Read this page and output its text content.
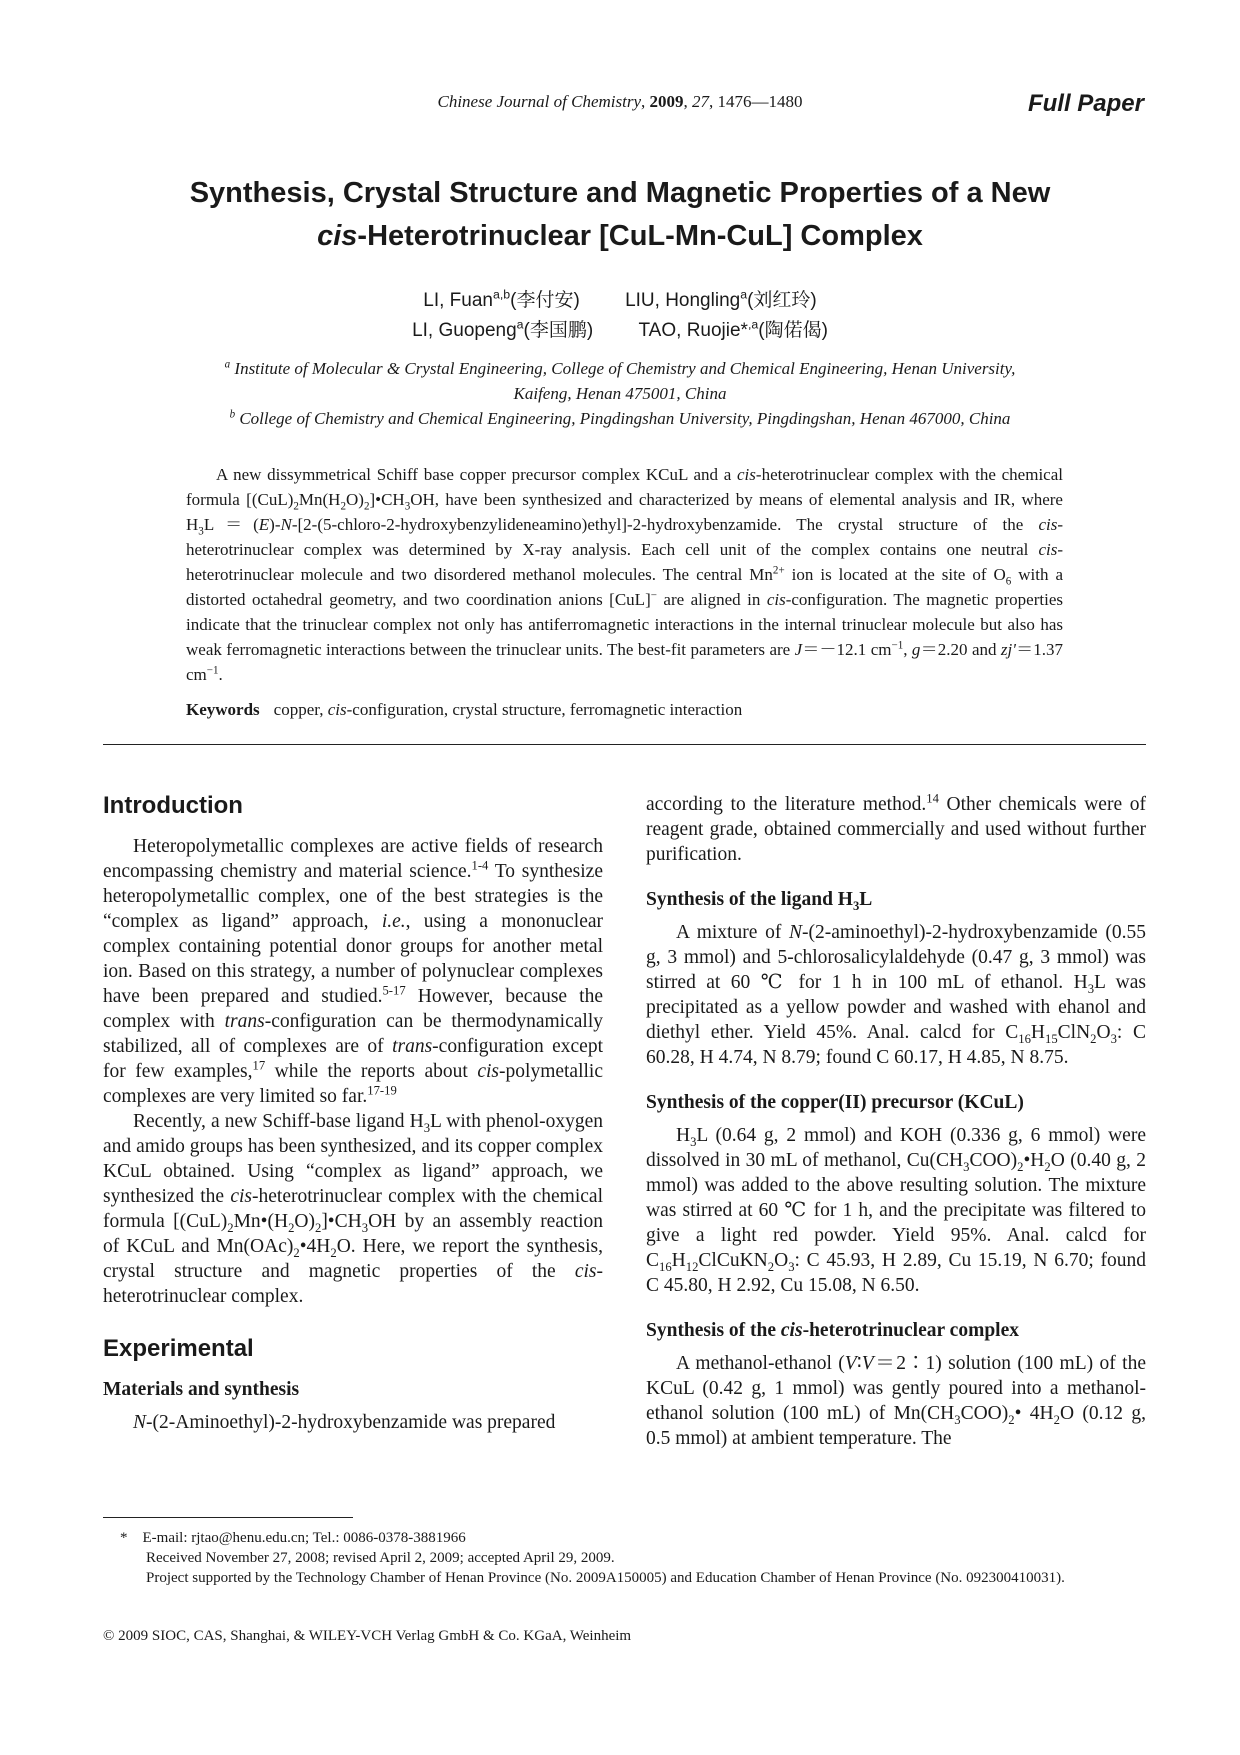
Chinese Journal of Chemistry, 2009, 27, 1476—1480	Full Paper
Synthesis, Crystal Structure and Magnetic Properties of a New
cis-Heterotrinuclear [CuL-Mn-CuL] Complex
LI, Fuan$^{a,b}$(李付安) LIU, Hongling$^a$(刘红玲)
LI, Guopeng$^a$(李国鹏) TAO, Ruojie*$^{,a}$(陶偌偈)
$^a$ Institute of Molecular & Crystal Engineering, College of Chemistry and Chemical Engineering, Henan University,
Kaifeng, Henan 475001, China
$^b$ College of Chemistry and Chemical Engineering, Pingdingshan University, Pingdingshan, Henan 467000, China

A new dissymmetrical Schiff base copper precursor complex KCuL and a cis-heterotrinuclear complex with the chemical formula $[(CuL)_2Mn(H_2O)_2]•CH_3OH$, have been synthesized and characterized by means of elemental analysis and IR, where $H_3L=(E)-N-[2-(5-chloro-2-hydroxybenzylideneamino)ethyl]-2$-hydroxybenzamide. The crystal structure of the cis-heterotrinuclear complex was determined by X-ray analysis. Each cell unit of the complex contains one neutral cis-heterotrinuclear molecule and two disordered methanol molecules. The central $Mn^{2+}$ ion is located at the site of $O_6$ with a distorted octahedral geometry, and two coordination anions [CuL]− are aligned in cis-configuration. The magnetic properties indicate that the trinuclear complex not only has antiferromagnetic interactions in the internal trinuclear molecule but also has weak ferromagnetic interactions between the trinuclear units. The best-fit parameters are J＝－12.1 $cm^{-1}$, g＝2.20 and zj'＝1.37 $cm^{-1}$.

Keywords copper, cis-configuration, crystal structure, ferromagnetic interaction
Introduction

Heteropolymetallic complexes are active fields of research encompassing chemistry and material science.$^{1-4}$ To synthesize heteropolymetallic complex, one of the best strategies is the “complex as ligand” approach, i.e., using a mononuclear complex containing potential donor groups for another metal ion. Based on this strategy, a number of polynuclear complexes have been prepared and studied.$^{5-17}$ However, because the complex with trans-configuration can be thermodynamically stabilized, all of complexes are of trans-configuration except for few examples,$^{17}$ while the reports about cis-polymetallic complexes are very limited so far.$^{17-19}$

Recently, a new Schiff-base ligand $H_3L$ with phenol-oxygen and amido groups has been synthesized, and its copper complex KCuL obtained. Using “complex as ligand” approach, we synthesized the cis-heterotrinuclear complex with the chemical formula $[(CuL)_2Mn•(H_2O)_2]•CH_3OH$ by an assembly reaction of KCuL and $Mn(OAc)_2•4H_2O$. Here, we report the synthesis, crystal structure and magnetic properties of the cis-heterotrinuclear complex.

Experimental
Materials and synthesis

N-(2-Aminoethyl)-2-hydroxybenzamide was prepared

according to the literature method.$^{14}$ Other chemicals were of reagent grade, obtained commercially and used without further purification.

Synthesis of the ligand $H_3L$

A mixture of N-(2-aminoethyl)-2-hydroxybenzamide (0.55 g, 3 mmol) and 5-chlorosalicylaldehyde (0.47 g, 3 mmol) was stirred at 60 ℃ for 1 h in 100 mL of ethanol. $H_3L$ was precipitated as a yellow powder and washed with ehanol and diethyl ether. Yield 45%. Anal. calcd for $C_{16}H_{15}ClN_2O_3$: C 60.28, H 4.74, N 8.79; found C 60.17, H 4.85, N 8.75.

Synthesis of the copper(II) precursor (KCuL)

$H_3L$ (0.64 g, 2 mmol) and KOH (0.336 g, 6 mmol) were dissolved in 30 mL of methanol, $Cu(CH_3COO)_2•H_2O$ (0.40 g, 2 mmol) was added to the above resulting solution. The mixture was stirred at 60 ℃ for 1 h, and the precipitate was filtered to give a light red powder. Yield 95%. Anal. calcd for $C_{16}H_{12}ClCuKN_2O_3$: C 45.93, H 2.89, Cu 15.19, N 6.70; found C 45.80, H 2.92, Cu 15.08, N 6.50.

Synthesis of the cis-heterotrinuclear complex

A methanol-ethanol (V∶V＝2∶1) solution (100 mL) of the KCuL (0.42 g, 1 mmol) was gently poured into a methanol-ethanol solution (100 mL) of $Mn(CH_3COO)_2•$ $4H_2O$ (0.12 g, 0.5 mmol) at ambient temperature. The

* E-mail: rjtao@henu.edu.cn; Tel.: 0086-0378-3881966
Received November 27, 2008; revised April 2, 2009; accepted April 29, 2009.
Project supported by the Technology Chamber of Henan Province (No. 2009A150005) and Education Chamber of Henan Province (No. 092300410031).
© 2009 SIOC, CAS, Shanghai, & WILEY-VCH Verlag GmbH & Co. KGaA, Weinheim
